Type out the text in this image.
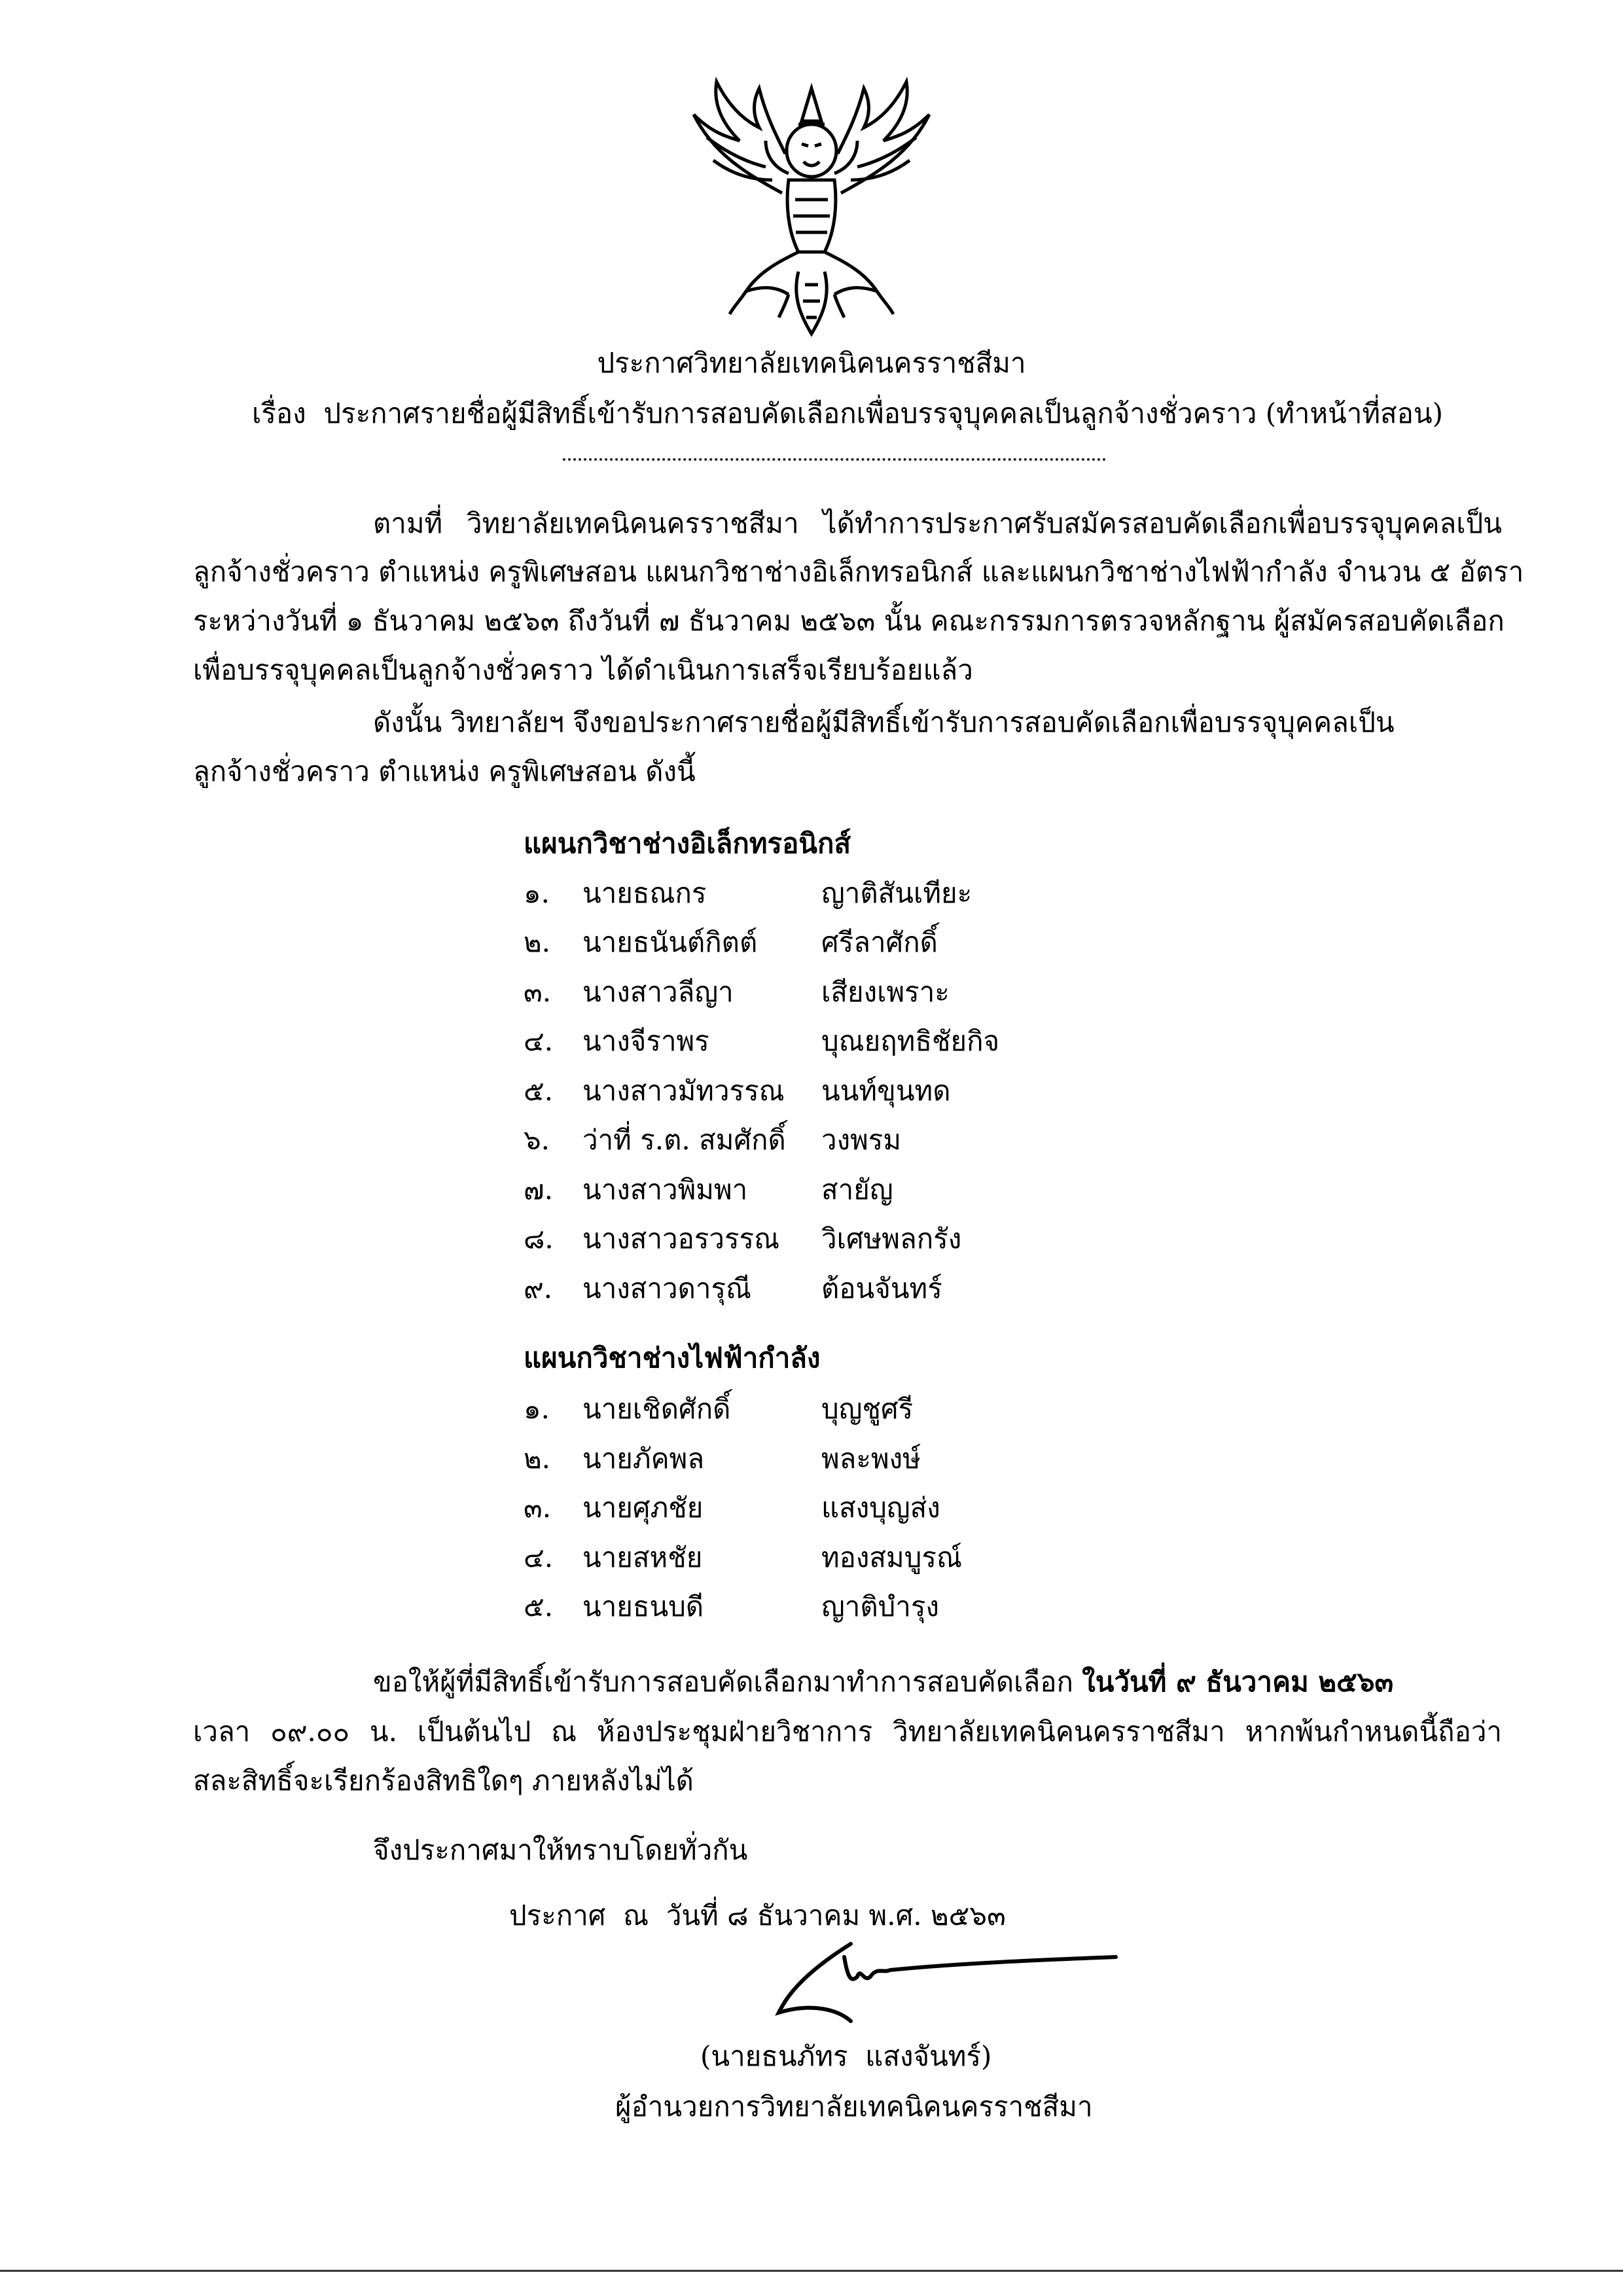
ประกาศวิทยาลัยเทคนิคนครราชสีมา
เรื่อง ประกาศรายชื่อผู้มีสิทธิ์เข้ารับการสอบคัดเลือกเพื่อบรรจุบุคคลเป็นลูกจ้างชั่วคราว (ทำหน้าที่สอน)
ตามที่ วิทยาลัยเทคนิคนครราชสีมา ได้ทำการประกาศรับสมัครสอบคัดเลือกเพื่อบรรจุบุคคลเป็น
ลูกจ้างชั่วคราว ตำแหน่ง ครูพิเศษสอน แผนกวิชาช่างอิเล็กทรอนิกส์ และแผนกวิชาช่างไฟฟ้ากำลัง จำนวน ๕ อัตรา
ระหว่างวันที่ ๑ ธันวาคม ๒๕๖๓ ถึงวันที่ ๗ ธันวาคม ๒๕๖๓ นั้น คณะกรรมการตรวจหลักฐาน ผู้สมัครสอบคัดเลือก
เพื่อบรรจุบุคคลเป็นลูกจ้างชั่วคราว ได้ดำเนินการเสร็จเรียบร้อยแล้ว
ดังนั้น วิทยาลัยฯ จึงขอประกาศรายชื่อผู้มีสิทธิ์เข้ารับการสอบคัดเลือกเพื่อบรรจุบุคคลเป็น
ลูกจ้างชั่วคราว ตำแหน่ง ครูพิเศษสอน ดังนี้
แผนกวิชาช่างอิเล็กทรอนิกส์
๑. นายธณกร	ญาติสันเทียะ
๒. นายธนันต์กิตต์ ศรีลาศักดิ์
๓. นางสาวลีญา	เสียงเพราะ
๔. นางจีราพร	บุณยฤทธิชัยกิจ
๕. นางสาวมัทวรรณ นนท์ขุนทด
๖. ว่าที่ ร.ต. สมศักดิ์ วงพรม
๗. นางสาวพิมพา	สายัญ
๘. นางสาวอรวรรณ วิเศษพลกรัง
๙. นางสาวดารุณี	ต้อนจันทร์
แผนกวิชาช่างไฟฟ้ากำลัง
๑. นายเชิดศักดิ์	บุญชูศรี
๒. นายภัคพล	พละพงษ์
๓. นายศุภชัย	แสงบุญส่ง
๔. นายสหชัย	ทองสมบูรณ์
๕. นายธนบดี	ญาติบำรุง
ขอให้ผู้ที่มีสิทธิ์เข้ารับการสอบคัดเลือกมาทำการสอบคัดเลือก ในวันที่ ๙ ธันวาคม ๒๕๖๓
เวลา ๐๙.๐๐ น. เป็นต้นไป ณ ห้องประชุมฝ่ายวิชาการ วิทยาลัยเทคนิคนครราชสีมา หากพ้นกำหนดนี้ถือว่า
สละสิทธิ์จะเรียกร้องสิทธิใดๆ ภายหลังไม่ได้
จึงประกาศมาให้ทราบโดยทั่วกัน
ประกาศ  ณ  วันที่ ๘ ธันวาคม พ.ศ. ๒๕๖๓
(นายธนภัทร  แสงจันทร์)
ผู้อำนวยการวิทยาลัยเทคนิคนครราชสีมา
